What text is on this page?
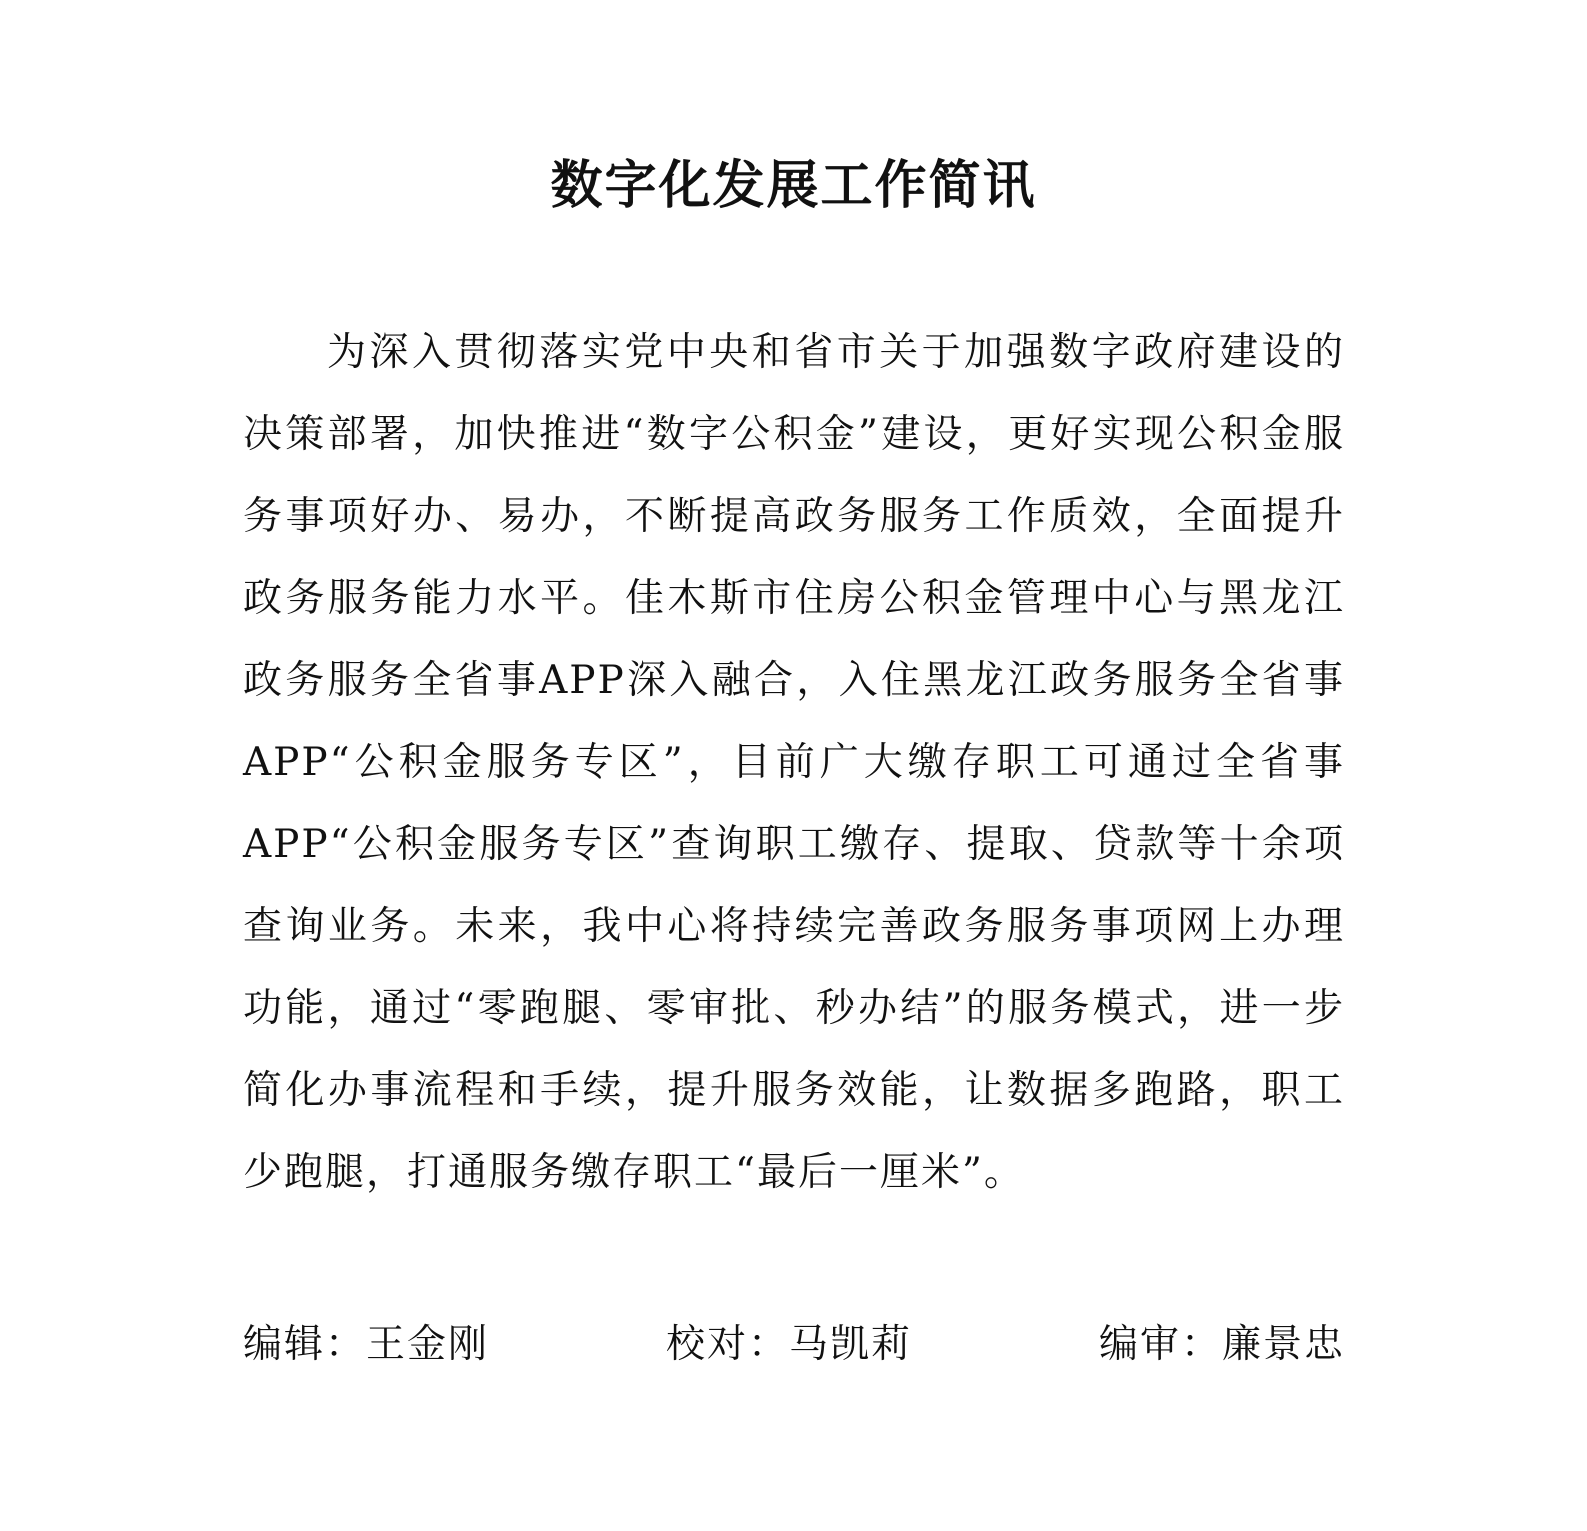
数字化发展工作简讯

为深入贯彻落实党中央和省市关于加强数字政府建设的决策部署，加快推进“数字公积金”建设，更好实现公积金服务事项好办、易办，不断提高政务服务工作质效，全面提升政务服务能力水平。佳木斯市住房公积金管理中心与黑龙江政务服务全省事APP深入融合，入住黑龙江政务服务全省事APP“公积金服务专区”，目前广大缴存职工可通过全省事APP“公积金服务专区”查询职工缴存、提取、贷款等十余项查询业务。未来，我中心将持续完善政务服务事项网上办理功能，通过“零跑腿、零审批、秒办结”的服务模式，进一步简化办事流程和手续，提升服务效能，让数据多跑路，职工少跑腿，打通服务缴存职工“最后一厘米”。

编辑：王金刚	校对：马凯莉	编审：廉景忠
